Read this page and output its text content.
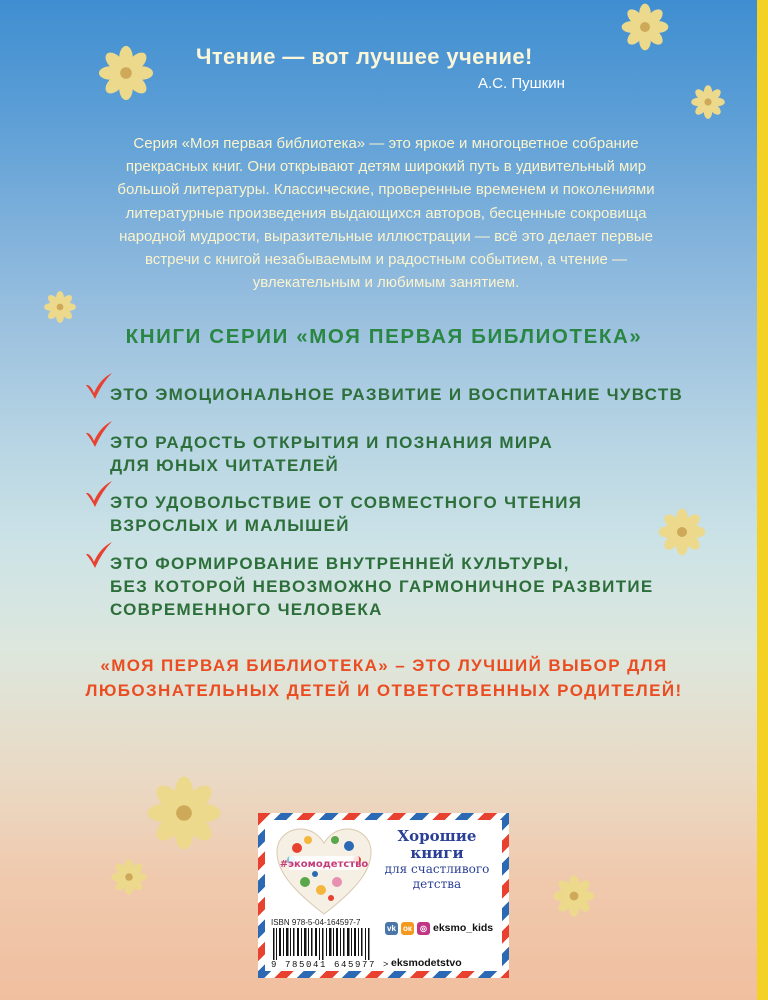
Чтение — вот лучшее учение!

А.С. Пушкин

Серия «Моя первая библиотека» — это яркое и многоцветное собрание прекрасных книг. Они открывают детям широкий путь в удивительный мир большой литературы. Классические, проверенные временем и поколениями литературные произведения выдающихся авторов, бесценные сокровища народной мудрости, выразительные иллюстрации — всё это делает первые встречи с книгой незабываемым и радостным событием, а чтение — увлекательным и любимым занятием.

КНИГИ СЕРИИ «МОЯ ПЕРВАЯ БИБЛИОТЕКА»
ЭТО ЭМОЦИОНАЛЬНОЕ РАЗВИТИЕ И ВОСПИТАНИЕ ЧУВСТВ
ЭТО РАДОСТЬ ОТКРЫТИЯ И ПОЗНАНИЯ МИРА
ДЛЯ ЮНЫХ ЧИТАТЕЛЕЙ
ЭТО УДОВОЛЬСТВИЕ ОТ СОВМЕСТНОГО ЧТЕНИЯ
ВЗРОСЛЫХ И МАЛЫШЕЙ
ЭТО ФОРМИРОВАНИЕ ВНУТРЕННЕЙ КУЛЬТУРЫ,
БЕЗ КОТОРОЙ НЕВОЗМОЖНО ГАРМОНИЧНОЕ РАЗВИТИЕ
СОВРЕМЕННОГО ЧЕЛОВЕКА

«МОЯ ПЕРВАЯ БИБЛИОТЕКА» – ЭТО ЛУЧШИЙ ВЫБОР ДЛЯ ЛЮБОЗНАТЕЛЬНЫХ ДЕТЕЙ И ОТВЕТСТВЕННЫХ РОДИТЕЛЕЙ!

#экомодетство
Хорошие
книги
для счастливого
детства
ISBN 978-5-04-164597-7
9 785041 645977 >
vk ок	◎ eksmo_kids
eksmodetstvo
